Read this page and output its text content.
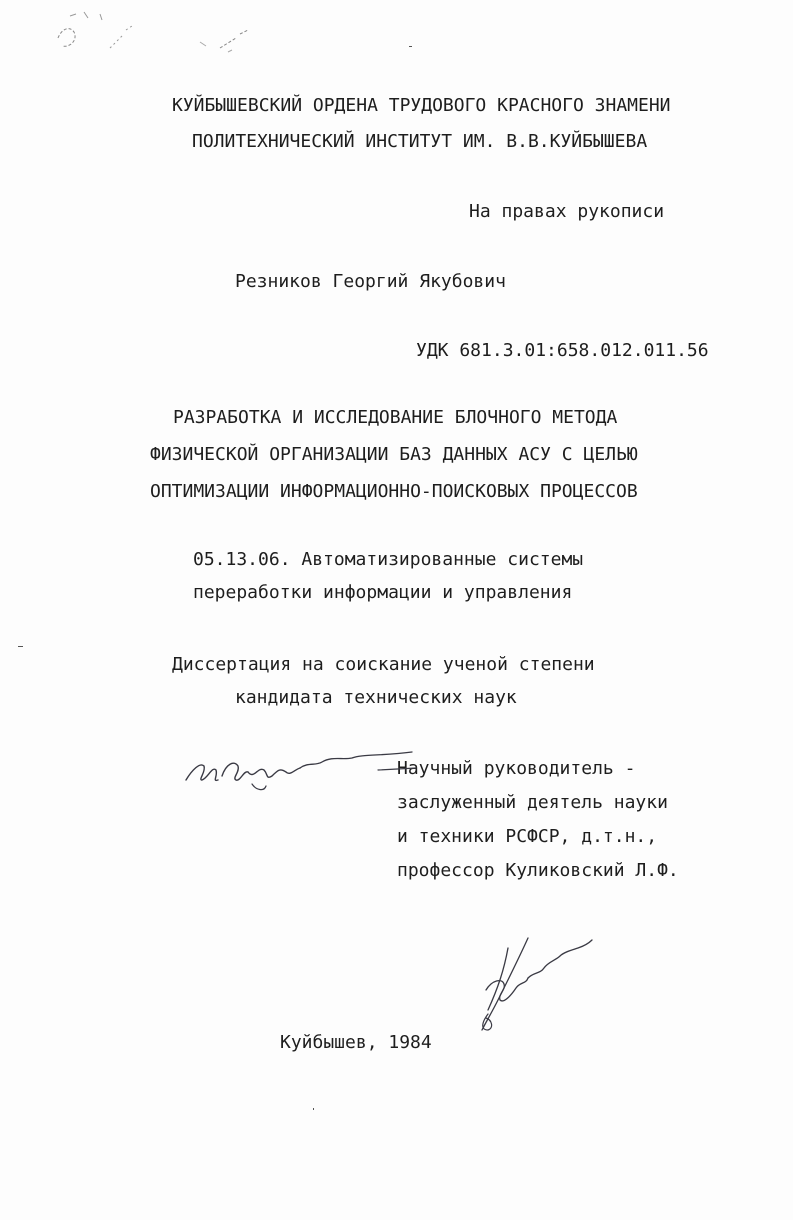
КУЙБЫШЕВСКИЙ ОРДЕНА ТРУДОВОГО КРАСНОГО ЗНАМЕНИ
ПОЛИТЕХНИЧЕСКИЙ ИНСТИТУТ ИМ. В.В.КУЙБЫШЕВА
На правах рукописи
Резников Георгий Якубович
УДК 681.3.01:658.012.011.56
РАЗРАБОТКА И ИССЛЕДОВАНИЕ БЛОЧНОГО МЕТОДА
ФИЗИЧЕСКОЙ ОРГАНИЗАЦИИ БАЗ ДАННЫХ АСУ С ЦЕЛЬЮ
ОПТИМИЗАЦИИ ИНФОРМАЦИОННО-ПОИСКОВЫХ ПРОЦЕССОВ
05.13.06. Автоматизированные системы
переработки информации и управления
Диссертация на соискание ученой степени
кандидата технических наук
Научный руководитель -
заслуженный деятель науки
и техники РСФСР, д.т.н.,
профессор Куликовский Л.Ф.
Куйбышев, 1984
